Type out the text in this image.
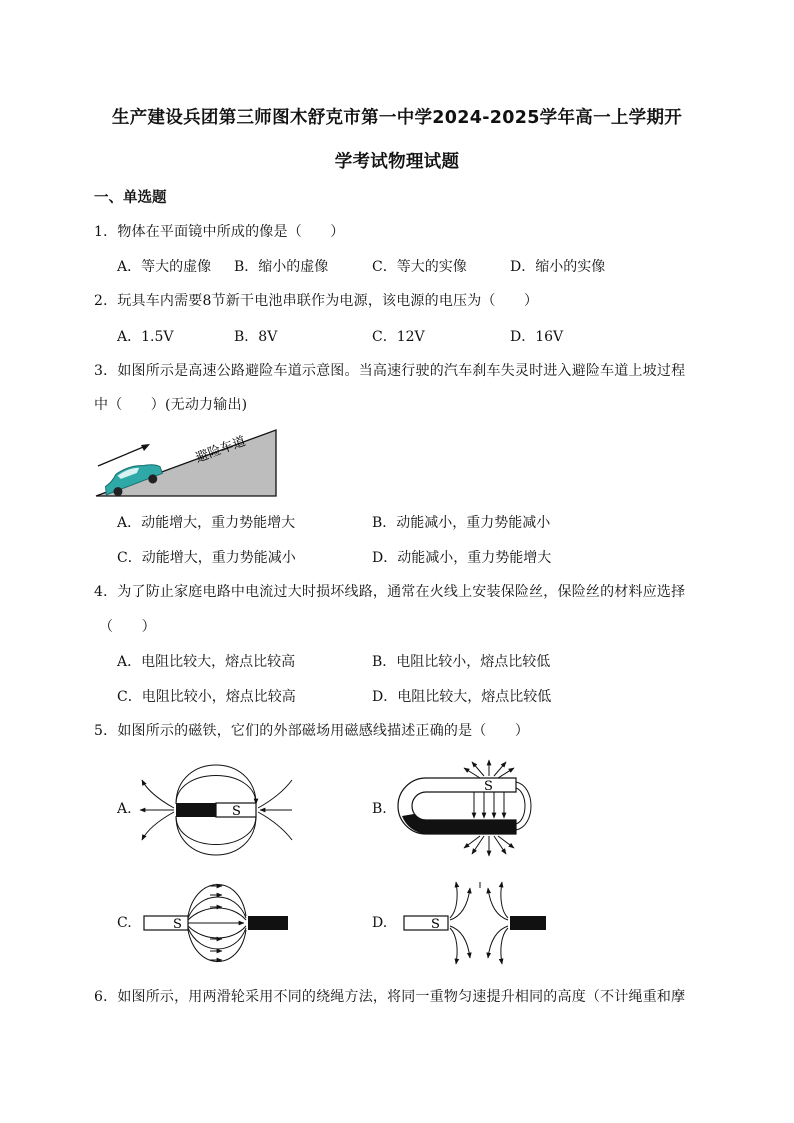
生产建设兵团第三师图木舒克市第一中学2024-2025学年高一上学期开
学考试物理试题
一、单选题
1．物体在平面镜中所成的像是（　　）
A．等大的虚像 B．缩小的虚像	C．等大的实像	D．缩小的实像
2．玩具车内需要8节新干电池串联作为电源，该电源的电压为（　　）
A．1.5V	B．8V	C．12V	D．16V
3．如图所示是高速公路避险车道示意图。当高速行驶的汽车刹车失灵时进入避险车道上坡过程
中（　　）(无动力输出)
避险车道
A．动能增大，重力势能增大	B．动能减小，重力势能减小
C．动能增大，重力势能减小	D．动能减小，重力势能增大
4．为了防止家庭电路中电流过大时损坏线路，通常在火线上安装保险丝，保险丝的材料应选择
（　　）
A．电阻比较大，熔点比较高	B．电阻比较小，熔点比较低
C．电阻比较小，熔点比较高	D．电阻比较大，熔点比较低
5．如图所示的磁铁，它们的外部磁场用磁感线描述正确的是（　　）
A.	B.
C.	D.
S
S
S	S
6．如图所示，用两滑轮采用不同的绕绳方法，将同一重物匀速提升相同的高度（不计绳重和摩
